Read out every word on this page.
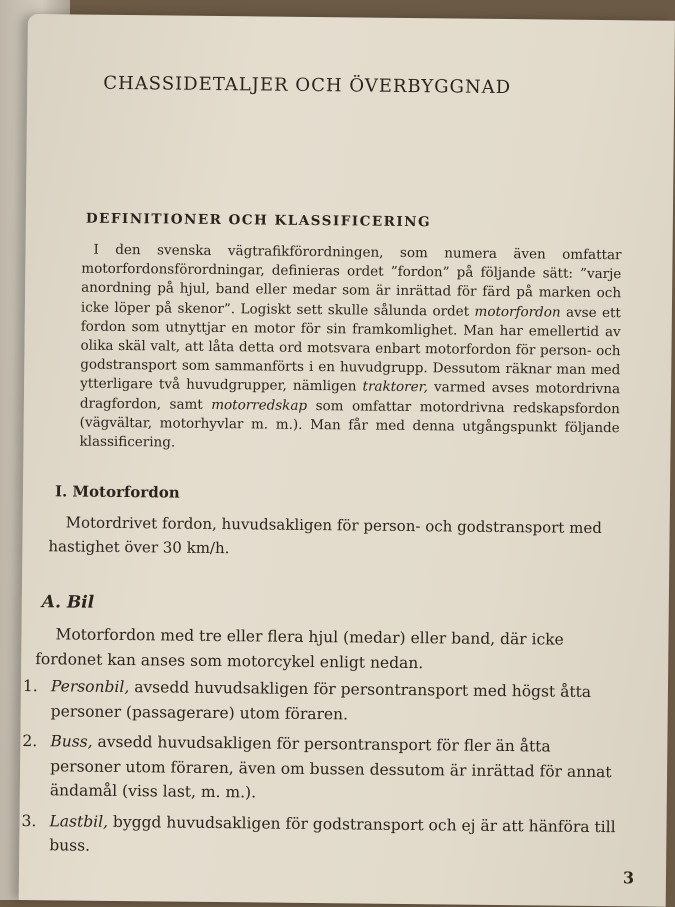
CHASSIDETALJER OCH ÖVERBYGGNAD
DEFINITIONER OCH KLASSIFICERING
I den svenska vägtrafikförordningen, som numera även omfattar motorfordonsförordningar, definieras ordet ”fordon” på följande sätt: ”varje anordning på hjul, band eller medar som är inrättad för färd på marken och icke löper på skenor”. Logiskt sett skulle sålunda ordet motorfordon avse ett fordon som utnyttjar en motor för sin framkomlighet. Man har emellertid av olika skäl valt, att låta detta ord motsvara enbart motorfordon för person- och godstransport som sammanförts i en huvudgrupp. Dessutom räknar man med ytterligare två huvudgrupper, nämligen traktorer, varmed avses motordrivna dragfordon, samt motorredskap som omfattar motordrivna redskapsfordon (vägvältar, motorhyvlar m. m.). Man får med denna utgångspunkt följande klassificering.
I. Motorfordon
Motordrivet fordon, huvudsakligen för person- och godstransport med hastighet över 30 km/h.
A. Bil
Motorfordon med tre eller flera hjul (medar) eller band, där icke fordonet kan anses som motorcykel enligt nedan.
1. Personbil, avsedd huvudsakligen för persontransport med högst åtta personer (passagerare) utom föraren.
2. Buss, avsedd huvudsakligen för persontransport för fler än åtta personer utom föraren, även om bussen dessutom är inrättad för annat ändamål (viss last, m. m.).
3. Lastbil, byggd huvudsakligen för godstransport och ej är att hänföra till buss.
3
